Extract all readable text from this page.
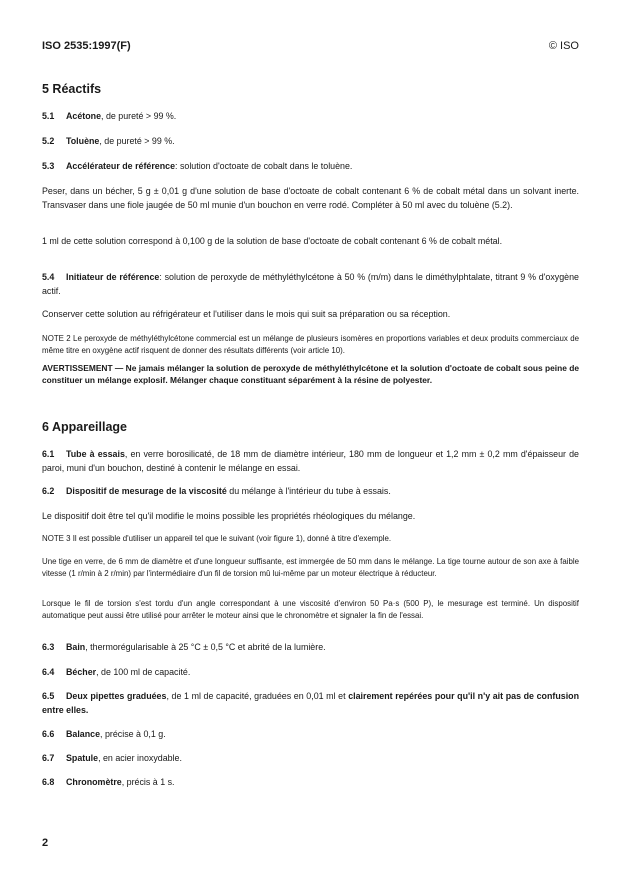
ISO 2535:1997(F)	© ISO
5 Réactifs
5.1 Acétone, de pureté > 99 %.
5.2 Toluène, de pureté > 99 %.
5.3 Accélérateur de référence: solution d'octoate de cobalt dans le toluène.
Peser, dans un bécher, 5 g ± 0,01 g d'une solution de base d'octoate de cobalt contenant 6 % de cobalt métal dans un solvant inerte. Transvaser dans une fiole jaugée de 50 ml munie d'un bouchon en verre rodé. Compléter à 50 ml avec du toluène (5.2).
1 ml de cette solution correspond à 0,100 g de la solution de base d'octoate de cobalt contenant 6 % de cobalt métal.
5.4 Initiateur de référence: solution de peroxyde de méthyléthylcétone à 50 % (m/m) dans le diméthylphtalate, titrant 9 % d'oxygène actif.
Conserver cette solution au réfrigérateur et l'utiliser dans le mois qui suit sa préparation ou sa réception.
NOTE 2 Le peroxyde de méthyléthylcétone commercial est un mélange de plusieurs isomères en proportions variables et deux produits commerciaux de même titre en oxygène actif risquent de donner des résultats différents (voir article 10).
AVERTISSEMENT — Ne jamais mélanger la solution de peroxyde de méthyléthylcétone et la solution d'octoate de cobalt sous peine de constituer un mélange explosif. Mélanger chaque constituant séparément à la résine de polyester.
6 Appareillage
6.1 Tube à essais, en verre borosilicaté, de 18 mm de diamètre intérieur, 180 mm de longueur et 1,2 mm ± 0,2 mm d'épaisseur de paroi, muni d'un bouchon, destiné à contenir le mélange en essai.
6.2 Dispositif de mesurage de la viscosité du mélange à l'intérieur du tube à essais.
Le dispositif doit être tel qu'il modifie le moins possible les propriétés rhéologiques du mélange.
NOTE 3 Il est possible d'utiliser un appareil tel que le suivant (voir figure 1), donné à titre d'exemple.
Une tige en verre, de 6 mm de diamètre et d'une longueur suffisante, est immergée de 50 mm dans le mélange. La tige tourne autour de son axe à faible vitesse (1 r/min à 2 r/min) par l'intermédiaire d'un fil de torsion mû lui-même par un moteur électrique à réducteur.
Lorsque le fil de torsion s'est tordu d'un angle correspondant à une viscosité d'environ 50 Pa·s (500 P), le mesurage est terminé. Un dispositif automatique peut aussi être utilisé pour arrêter le moteur ainsi que le chronomètre et signaler la fin de l'essai.
6.3 Bain, thermorégularisable à 25 °C ± 0,5 °C et abrité de la lumière.
6.4 Bécher, de 100 ml de capacité.
6.5 Deux pipettes graduées, de 1 ml de capacité, graduées en 0,01 ml et clairement repérées pour qu'il n'y ait pas de confusion entre elles.
6.6 Balance, précise à 0,1 g.
6.7 Spatule, en acier inoxydable.
6.8 Chronomètre, précis à 1 s.
2
